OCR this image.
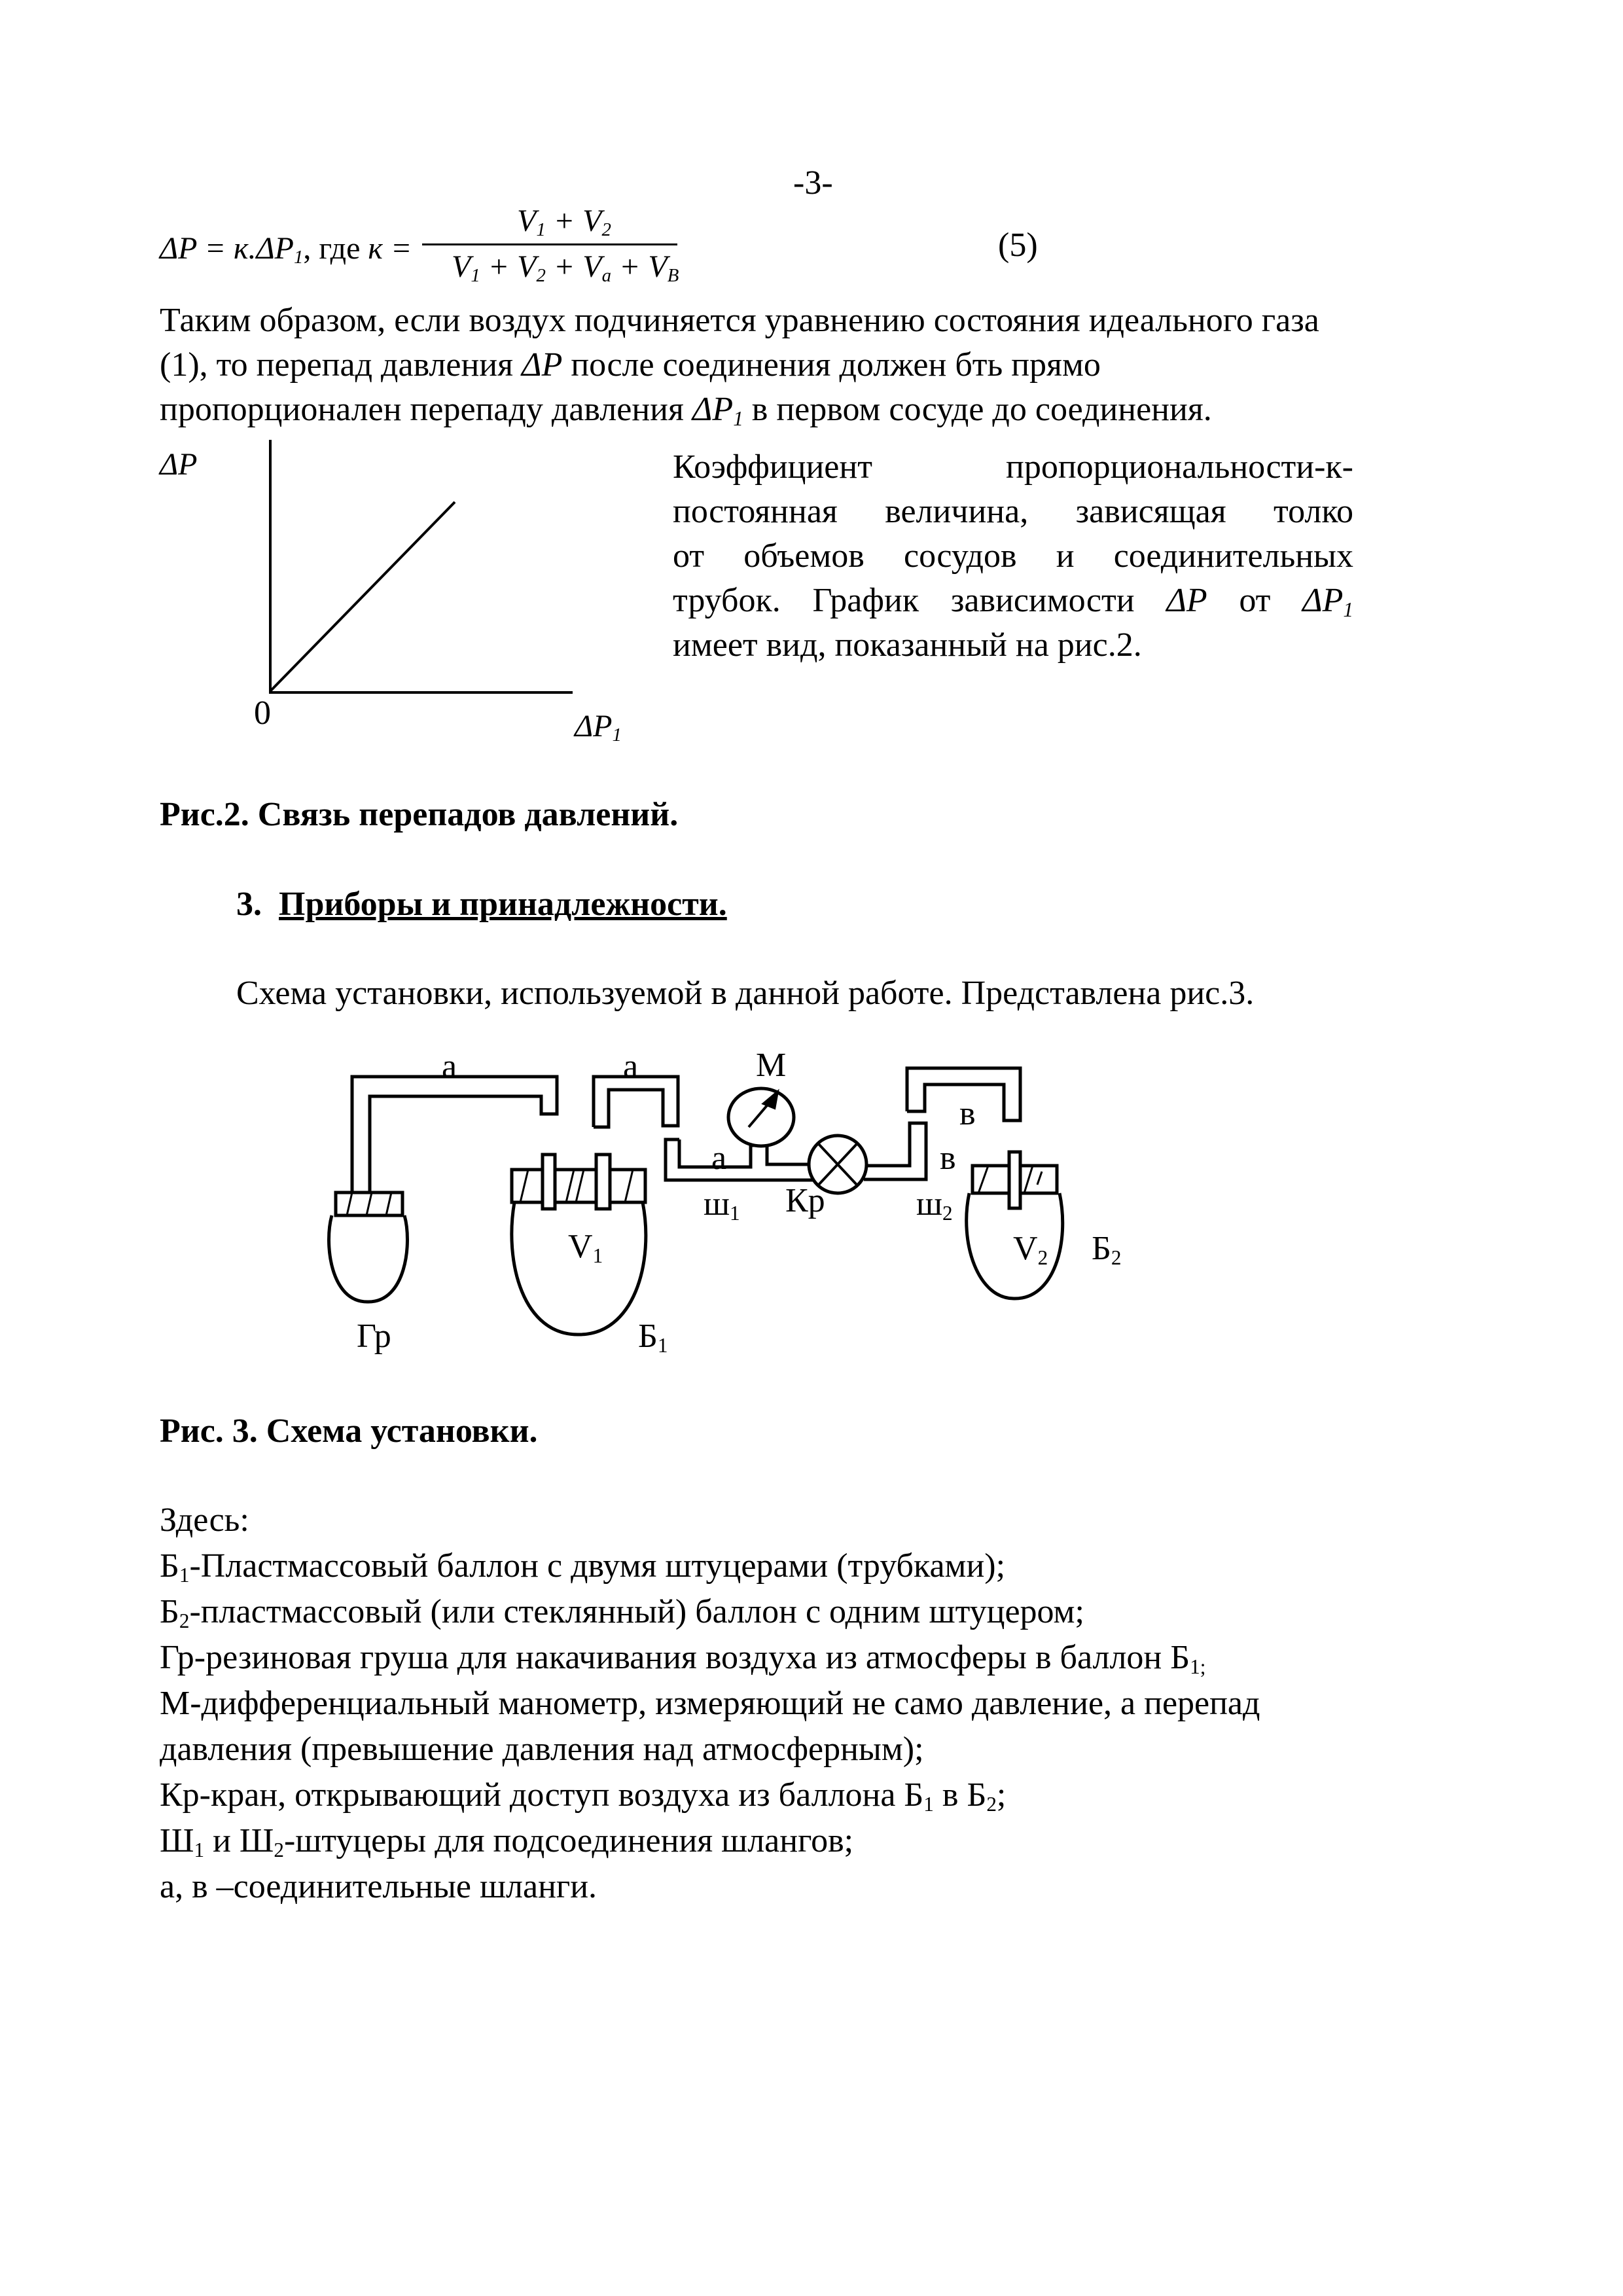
-3-
$\Delta P = к.\Delta P_1$, где к =
$V_1 + V_2$
$V_1 + V_2 + V_a + V_B$
(5)
Таким образом, если воздух подчиняется уравнению состояния идеального газа
(1), то перепад давления ΔP после соединения должен бть прямо
пропорционален перепаду давления $\Delta P_1$ в первом сосуде до соединения.
ΔP
0	$\Delta P_1$
Коэффициент пропорциональности-к-
постоянная величина, зависящая толко
от объемов сосудов и соединительных
трубок. График зависимости ΔP от $\Delta P_1$
имеет вид, показанный на рис.2.
Рис.2. Связь перепадов давлений.
3. Приборы и принадлежности.
Схема установки, используемой в данной работе. Представлена рис.3.
а	а	М
в
в
а
$ш_1$ Кр	$ш_2$
$V_1$	$V_2$ $Б_2$
Гр	$Б_1$
Рис. 3. Схема установки.
Здесь:
$Б_1$-Пластмассовый баллон с двумя штуцерами (трубками);
$Б_2$-пластмассовый (или стеклянный) баллон с одним штуцером;
Гр-резиновая груша для накачивания воздуха из атмосферы в баллон $Б_{1;}$
М-дифференциальный манометр, измеряющий не само давление, а перепад
давления (превышение давления над атмосферным);
Кр-кран, открывающий доступ воздуха из баллона $Б_1$ в $Б_2$;
$Ш_1$ и $Ш_2$-штуцеры для подсоединения шлангов;
а, в –соединительные шланги.
